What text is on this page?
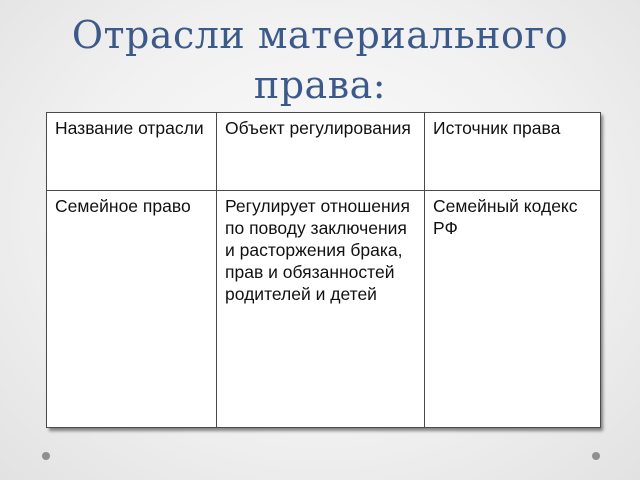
Отрасли материального
права:
Название отрасли	Объект регулирования	Источник права
Семейное право	Регулирует отношения по поводу заключения и расторжения брака, прав и обязанностей родителей и детей	Семейный кодекс РФ
